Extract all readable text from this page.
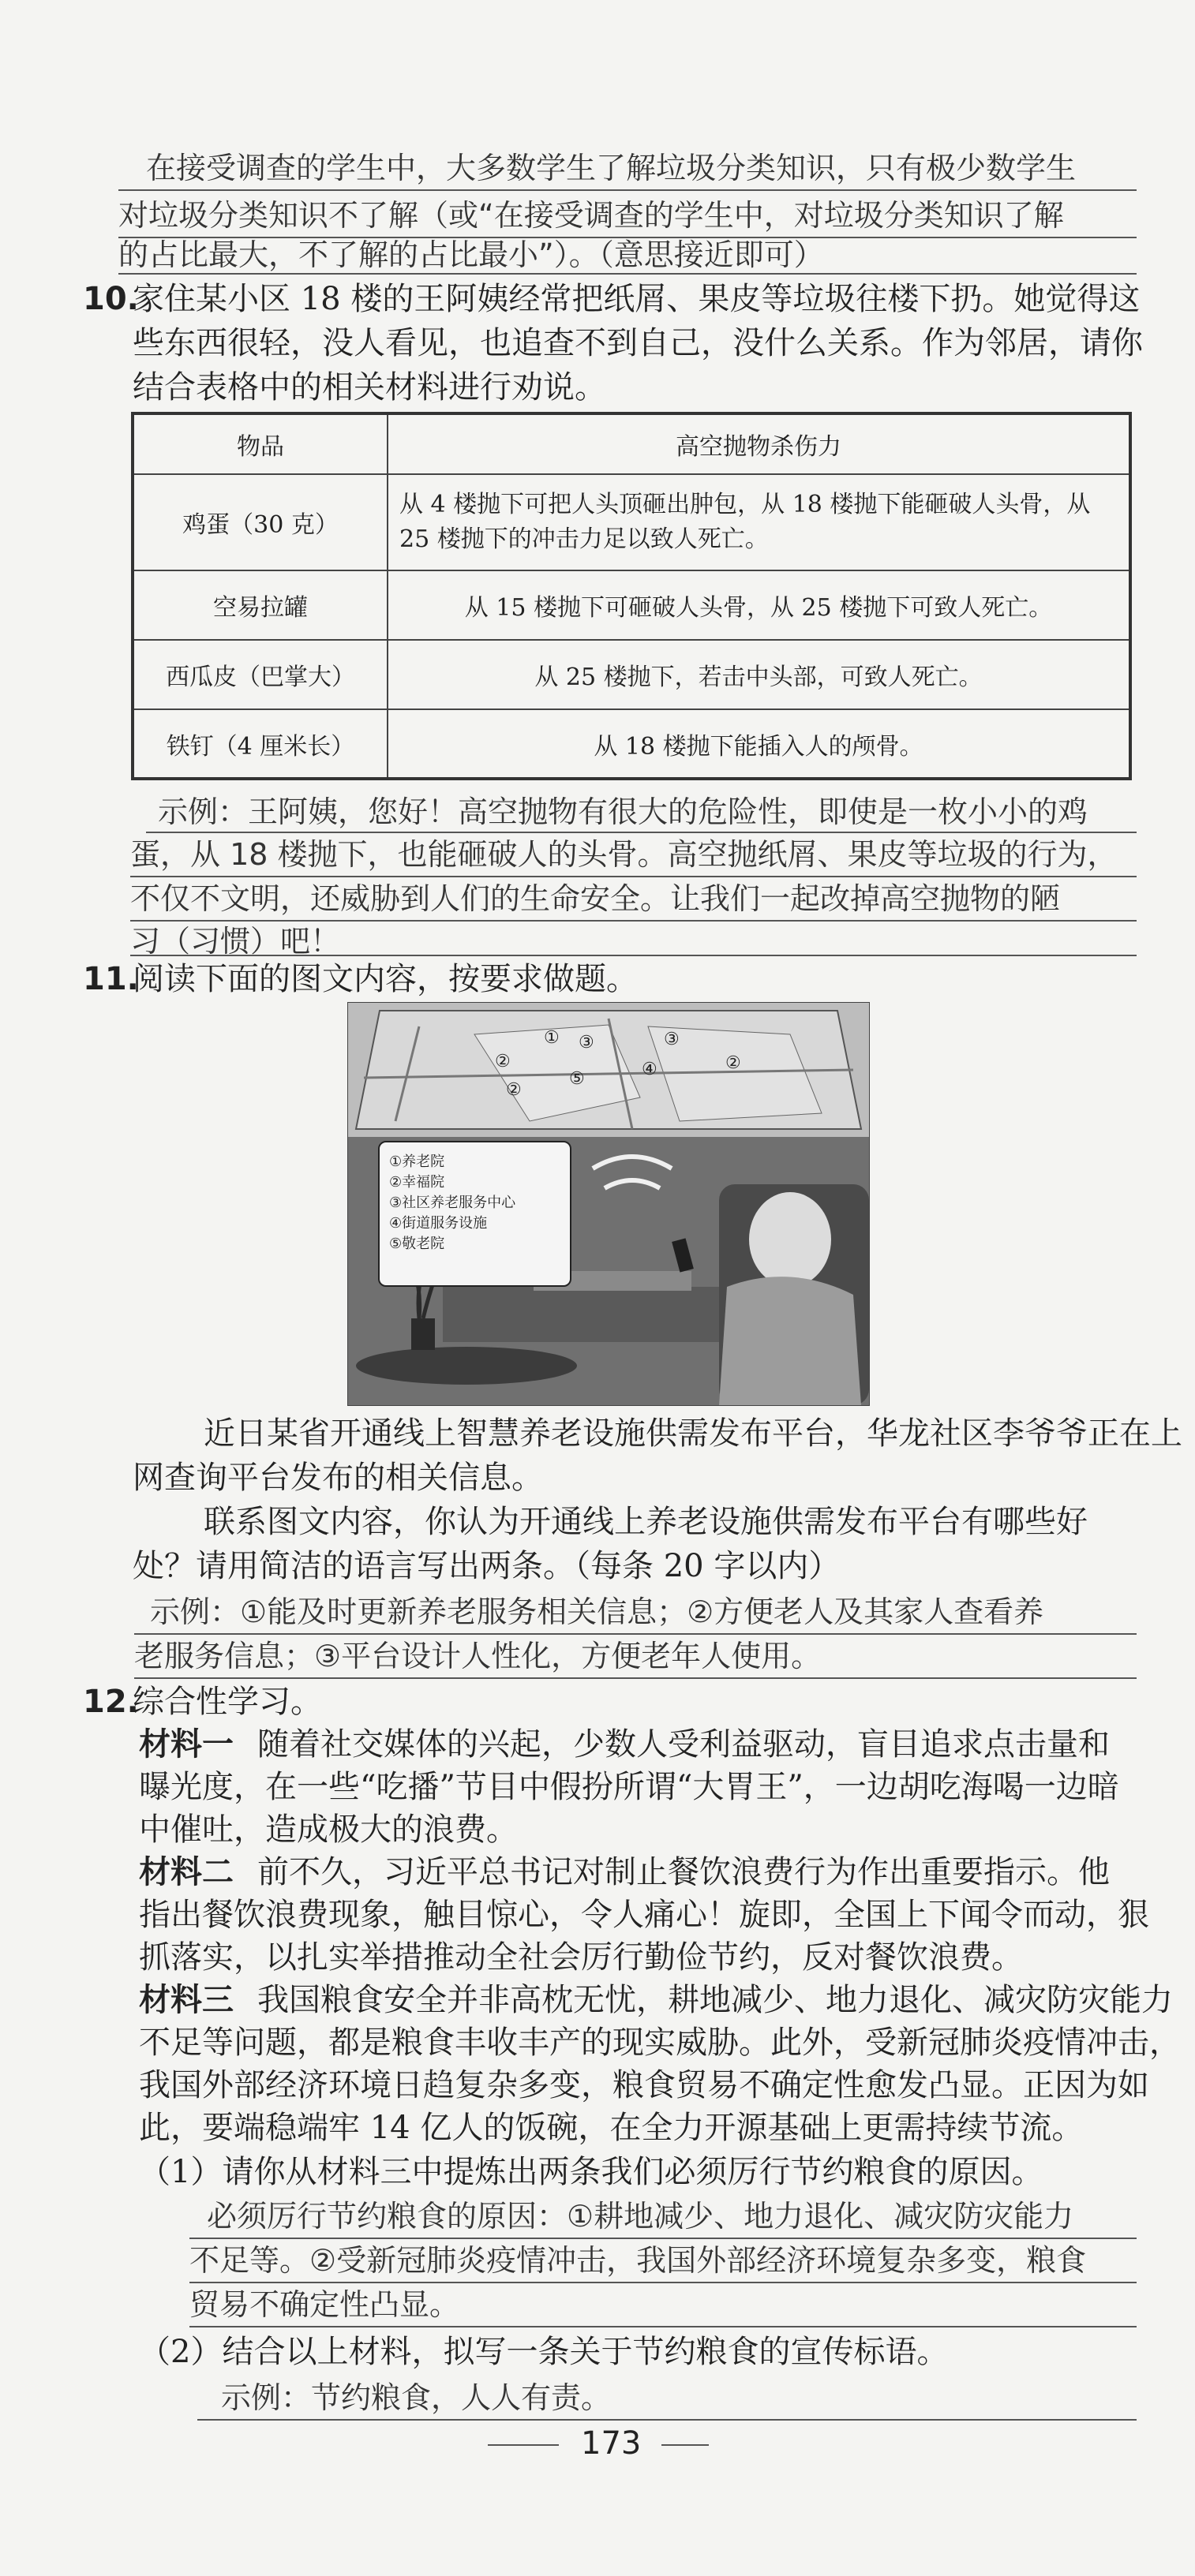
在接受调查的学生中，大多数学生了解垃圾分类知识，只有极少数学生
对垃圾分类知识不了解（或“在接受调查的学生中，对垃圾分类知识了解
的占比最大，不了解的占比最小”）。（意思接近即可）
10.
家住某小区 18 楼的王阿姨经常把纸屑、果皮等垃圾往楼下扔。她觉得这
些东西很轻，没人看见，也追查不到自己，没什么关系。作为邻居，请你
结合表格中的相关材料进行劝说。
物品	高空抛物杀伤力
鸡蛋（30 克）	从 4 楼抛下可把人头顶砸出肿包，从 18 楼抛下能砸破人头骨，从
25 楼抛下的冲击力足以致人死亡。

空易拉罐	从 15 楼抛下可砸破人头骨，从 25 楼抛下可致人死亡。
西瓜皮（巴掌大）	从 25 楼抛下，若击中头部，可致人死亡。
铁钉（4 厘米长）	从 18 楼抛下能插入人的颅骨。
示例：王阿姨，您好！高空抛物有很大的危险性，即使是一枚小小的鸡
蛋，从 18 楼抛下，也能砸破人的头骨。高空抛纸屑、果皮等垃圾的行为，
不仅不文明，还威胁到人们的生命安全。让我们一起改掉高空抛物的陋
习（习惯）吧！
11.
阅读下面的图文内容，按要求做题。
① ③
②
③
②
⑤	④	②
①养老院
②幸福院
③社区养老服务中心
④街道服务设施
⑤敬老院
近日某省开通线上智慧养老设施供需发布平台，华龙社区李爷爷正在上
网查询平台发布的相关信息。
联系图文内容，你认为开通线上养老设施供需发布平台有哪些好
处？请用简洁的语言写出两条。（每条 20 字以内）
示例：①能及时更新养老服务相关信息；②方便老人及其家人查看养
老服务信息；③平台设计人性化，方便老年人使用。
12.
综合性学习。
材料一 随着社交媒体的兴起，少数人受利益驱动，盲目追求点击量和
曝光度，在一些“吃播”节目中假扮所谓“大胃王”，一边胡吃海喝一边暗
中催吐，造成极大的浪费。
材料二 前不久，习近平总书记对制止餐饮浪费行为作出重要指示。他
指出餐饮浪费现象，触目惊心，令人痛心！旋即，全国上下闻令而动，狠
抓落实，以扎实举措推动全社会厉行勤俭节约，反对餐饮浪费。
材料三 我国粮食安全并非高枕无忧，耕地减少、地力退化、减灾防灾能力
不足等问题，都是粮食丰收丰产的现实威胁。此外，受新冠肺炎疫情冲击，
我国外部经济环境日趋复杂多变，粮食贸易不确定性愈发凸显。正因为如
此，要端稳端牢 14 亿人的饭碗，在全力开源基础上更需持续节流。
（1）请你从材料三中提炼出两条我们必须厉行节约粮食的原因。
必须厉行节约粮食的原因：①耕地减少、地力退化、减灾防灾能力
不足等。②受新冠肺炎疫情冲击，我国外部经济环境复杂多变，粮食
贸易不确定性凸显。
（2）结合以上材料，拟写一条关于节约粮食的宣传标语。
示例：节约粮食，人人有责。
173
